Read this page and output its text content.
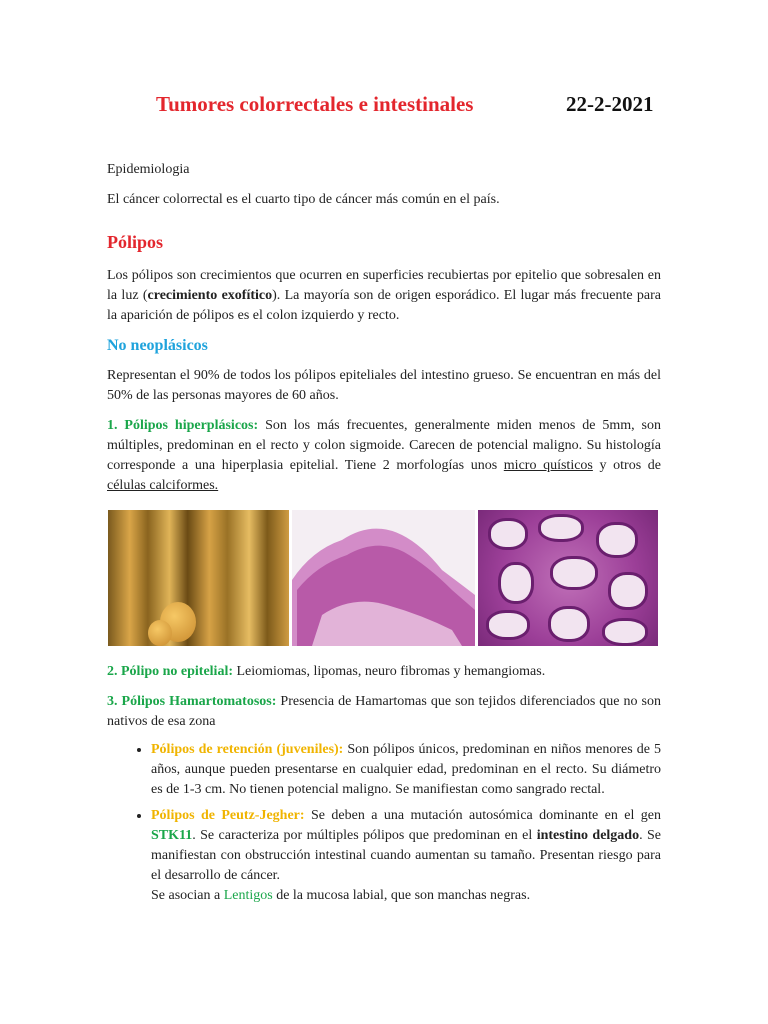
Tumores colorrectales e intestinales	22-2-2021

Epidemiologia

El cáncer colorrectal es el cuarto tipo de cáncer más común en el país.

Pólipos

Los pólipos son crecimientos que ocurren en superficies recubiertas por epitelio que sobresalen en la luz (crecimiento exofítico). La mayoría son de origen esporádico. El lugar más frecuente para la aparición de pólipos es el colon izquierdo y recto.

No neoplásicos

Representan el 90% de todos los pólipos epiteliales del intestino grueso. Se encuentran en más del 50% de las personas mayores de 60 años.

1. Pólipos hiperplásicos: Son los más frecuentes, generalmente miden menos de 5mm, son múltiples, predominan en el recto y colon sigmoide. Carecen de potencial maligno. Su histología corresponde a una hiperplasia epitelial. Tiene 2 morfologías unos micro quísticos y otros de células calciformes.

2. Pólipo no epitelial: Leiomiomas, lipomas, neuro fibromas y hemangiomas.

3. Pólipos Hamartomatosos: Presencia de Hamartomas que son tejidos diferenciados que no son nativos de esa zona

• Pólipos de retención (juveniles): Son pólipos únicos, predominan en niños menores de 5 años, aunque pueden presentarse en cualquier edad, predominan en el recto. Su diámetro es de 1-3 cm. No tienen potencial maligno. Se manifiestan como sangrado rectal.
• Pólipos de Peutz-Jegher: Se deben a una mutación autosómica dominante en el gen STK11. Se caracteriza por múltiples pólipos que predominan en el intestino delgado. Se manifiestan con obstrucción intestinal cuando aumentan su tamaño. Presentan riesgo para el desarrollo de cáncer.
Se asocian a Lentigos de la mucosa labial, que son manchas negras.
